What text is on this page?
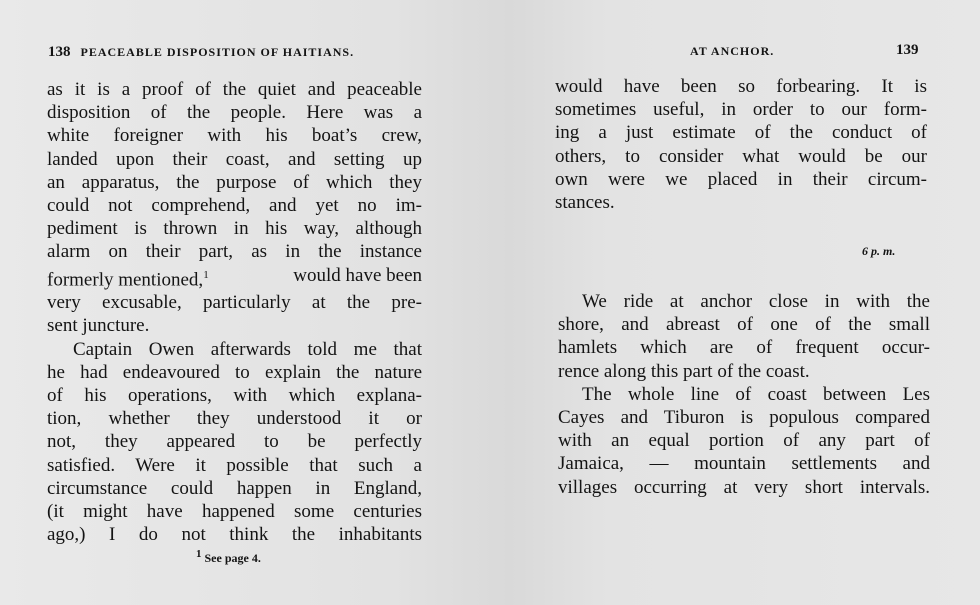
138 PEACEABLE DISPOSITION OF HAITIANS.
as it is a proof of the quiet and peaceable
disposition of the people. Here was a
white foreigner with his boat’s crew,
landed upon their coast, and setting up
an apparatus, the purpose of which they
could not comprehend, and yet no im-
pediment is thrown in his way, although
alarm on their part, as in the instance
formerly mentioned,$^1$	would have been
very excusable, particularly at the pre-
sent juncture.
Captain Owen afterwards told me that
he had endeavoured to explain the nature
of his operations, with which explana-
tion, whether they understood it or
not, they appeared to be perfectly
satisfied. Were it possible that such a
circumstance could happen in England,
(it might have happened some centuries
ago,) I do not think the inhabitants
$^1$ See page 4.
AT ANCHOR.	139
would have been so forbearing. It is
sometimes useful, in order to our form-
ing a just estimate of the conduct of
others, to consider what would be our
own were we placed in their circum-
stances.
6 p. m.
We ride at anchor close in with the
shore, and abreast of one of the small
hamlets which are of frequent occur-
rence along this part of the coast.
The whole line of coast between Les
Cayes and Tiburon is populous compared
with an equal portion of any part of
Jamaica, — mountain settlements and
villages occurring at very short intervals.
